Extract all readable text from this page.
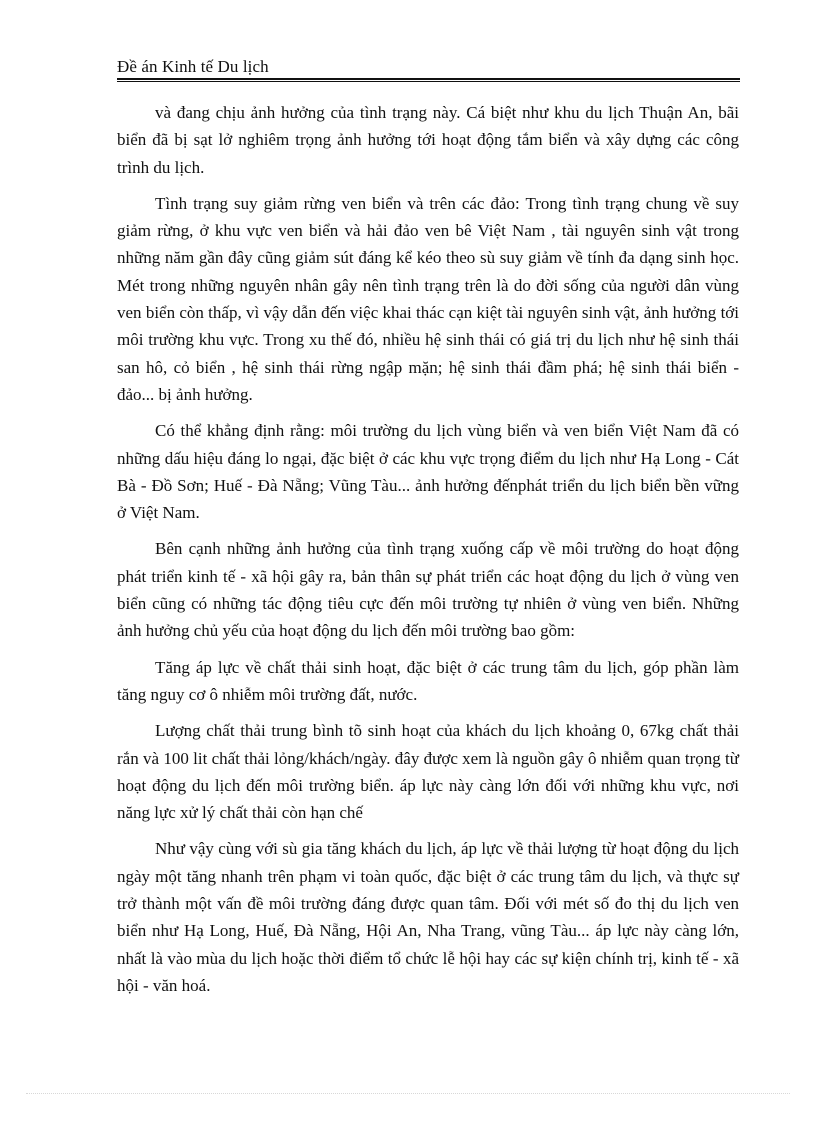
Đề án Kinh tế Du lịch

và đang chịu ảnh hưởng của tình trạng này. Cá biệt như khu du lịch Thuận An, bãi biển đã bị sạt lở nghiêm trọng ảnh hưởng tới hoạt động tắm biển và xây dựng các công trình du lịch.

Tình trạng suy giảm rừng ven biển và trên các đảo: Trong tình trạng chung về suy giảm rừng, ở khu vực ven biển và hải đảo ven bê Việt Nam , tài nguyên sinh vật trong những năm gần đây cũng giảm sút đáng kể kéo theo sù suy giảm về tính đa dạng sinh học. Mét trong những nguyên nhân gây nên tình trạng trên là do đời sống của người dân vùng ven biển còn thấp, vì vậy dẫn đến việc khai thác cạn kiệt tài nguyên sinh vật, ảnh hưởng tới môi trường khu vực. Trong xu thế đó, nhiều hệ sinh thái có giá trị du lịch như hệ sinh thái san hô, cỏ biển , hệ sinh thái rừng ngập mặn; hệ sinh thái đầm phá; hệ sinh thái biển - đảo... bị ảnh hưởng.

Có thể khẳng định rằng: môi trường du lịch vùng biển và ven biển Việt Nam đã có những dấu hiệu đáng lo ngại, đặc biệt ở các khu vực trọng điểm du lịch như Hạ Long - Cát Bà - Đồ Sơn; Huế - Đà Nẵng; Vũng Tàu... ảnh hưởng đếnphát triển du lịch biển bền vững ở Việt Nam.

Bên cạnh những ảnh hưởng của tình trạng xuống cấp về môi trường do hoạt động phát triển kinh tế - xã hội gây ra, bản thân sự phát triển các hoạt động du lịch ở vùng ven biển cũng có những tác động tiêu cực đến môi trường tự nhiên ở vùng ven biển. Những ảnh hưởng chủ yếu của hoạt động du lịch đến môi trường bao gồm:

Tăng áp lực về chất thải sinh hoạt, đặc biệt ở các trung tâm du lịch, góp phần làm tăng nguy cơ ô nhiễm môi trường đất, nước.

Lượng chất thải trung bình tõ sinh hoạt của khách du lịch khoảng 0, 67kg chất thải rắn và 100 lit chất thải lỏng/khách/ngày. đây được xem là nguồn gây ô nhiễm quan trọng từ hoạt động du lịch đến môi trường biển. áp lực này càng lớn đối với những khu vực, nơi năng lực xử lý chất thải còn hạn chế

Như vậy cùng với sù gia tăng khách du lịch, áp lực về thải lượng từ hoạt động du lịch ngày một tăng nhanh trên phạm vi toàn quốc, đặc biệt ở các trung tâm du lịch, và thực sự trở thành một vấn đề môi trường đáng được quan tâm. Đối với mét số đo thị du lịch ven biển như Hạ Long, Huế, Đà Nẵng, Hội An, Nha Trang, vũng Tàu... áp lực này càng lớn, nhất là vào mùa du lịch hoặc thời điểm tổ chức lễ hội hay các sự kiện chính trị, kinh tế - xã hội - văn hoá.
